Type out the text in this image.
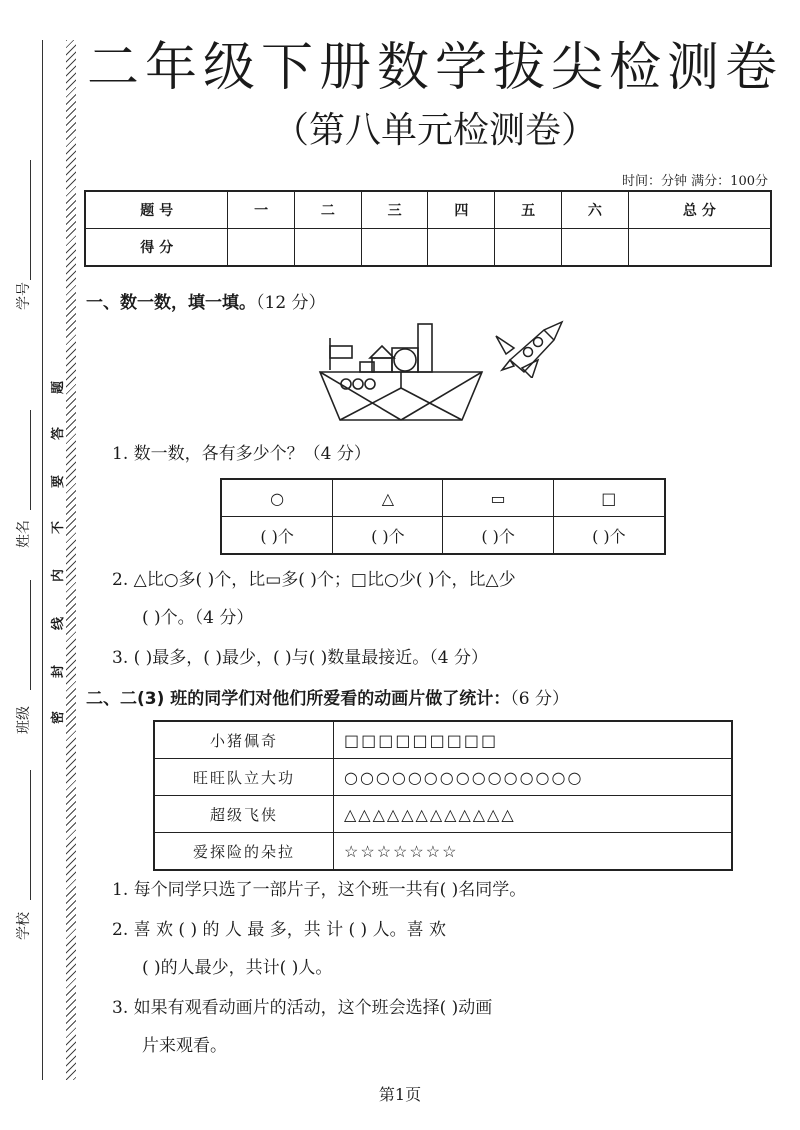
学号
姓名
班级
学校
题
答
要
不
内
线
封
密
二年级下册数学拔尖检测卷
（第八单元检测卷）
时间：分钟 满分：100分
题 号	一	二	三	四	五	六	总 分
得 分							
一、数一数，填一填。（12 分）
1. 数一数，各有多少个？（4 分）
○	△	▭	□
( )个	( )个	( )个	( )个
2. △比○多( )个，比▭多( )个；□比○少( )个，比△少
( )个。（4 分）
3. ( )最多，( )最少，( )与( )数量最接近。（4 分）
二、二(3) 班的同学们对他们所爱看的动画片做了统计：（6 分）
小猪佩奇	□□□□□□□□□
旺旺队立大功	○○○○○○○○○○○○○○○
超级飞侠	△△△△△△△△△△△△
爱探险的朵拉	☆☆☆☆☆☆☆
1. 每个同学只选了一部片子，这个班一共有( )名同学。
2. 喜 欢 ( ) 的 人 最 多，共 计 ( ) 人。喜 欢
( )的人最少，共计( )人。
3. 如果有观看动画片的活动，这个班会选择( )动画
片来观看。
第1页
